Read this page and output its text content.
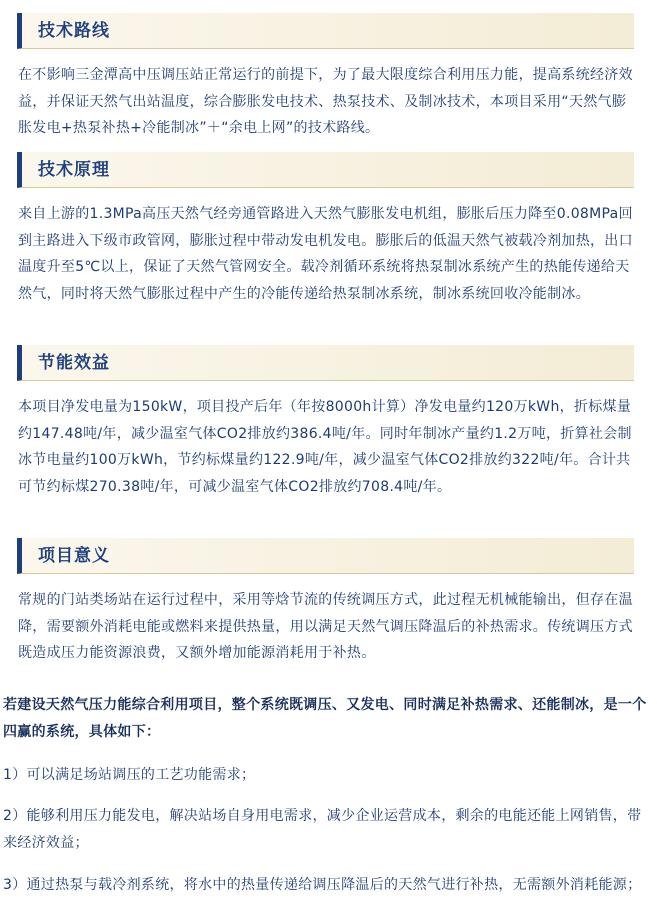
技术路线
在不影响三金潭高中压调压站正常运行的前提下，为了最大限度综合利用压力能，提高系统经济效益，并保证天然气出站温度，综合膨胀发电技术、热泵技术、及制冰技术，本项目采用“天然气膨胀发电+热泵补热+冷能制冰”＋“余电上网”的技术路线。
技术原理
来自上游的1.3MPa高压天然气经旁通管路进入天然气膨胀发电机组，膨胀后压力降至0.08MPa回到主路进入下级市政管网，膨胀过程中带动发电机发电。膨胀后的低温天然气被载冷剂加热，出口温度升至5℃以上，保证了天然气管网安全。载冷剂循环系统将热泵制冰系统产生的热能传递给天然气，同时将天然气膨胀过程中产生的冷能传递给热泵制冰系统，制冰系统回收冷能制冰。
节能效益
本项目净发电量为150kW，项目投产后年（年按8000h计算）净发电量约120万kWh，折标煤量约147.48吨/年，减少温室气体CO2排放约386.4吨/年。同时年制冰产量约1.2万吨，折算社会制冰节电量约100万kWh，节约标煤量约122.9吨/年，减少温室气体CO2排放约322吨/年。合计共可节约标煤270.38吨/年，可减少温室气体CO2排放约708.4吨/年。
项目意义
常规的门站类场站在运行过程中，采用等焓节流的传统调压方式，此过程无机械能输出，但存在温降，需要额外消耗电能或燃料来提供热量，用以满足天然气调压降温后的补热需求。传统调压方式既造成压力能资源浪费，又额外增加能源消耗用于补热。
若建设天然气压力能综合利用项目，整个系统既调压、又发电、同时满足补热需求、还能制冰，是一个四赢的系统，具体如下：
1）可以满足场站调压的工艺功能需求；
2）能够利用压力能发电，解决站场自身用电需求，减少企业运营成本，剩余的电能还能上网销售，带来经济效益；
3）通过热泵与载冷剂系统，将水中的热量传递给调压降温后的天然气进行补热，无需额外消耗能源；
